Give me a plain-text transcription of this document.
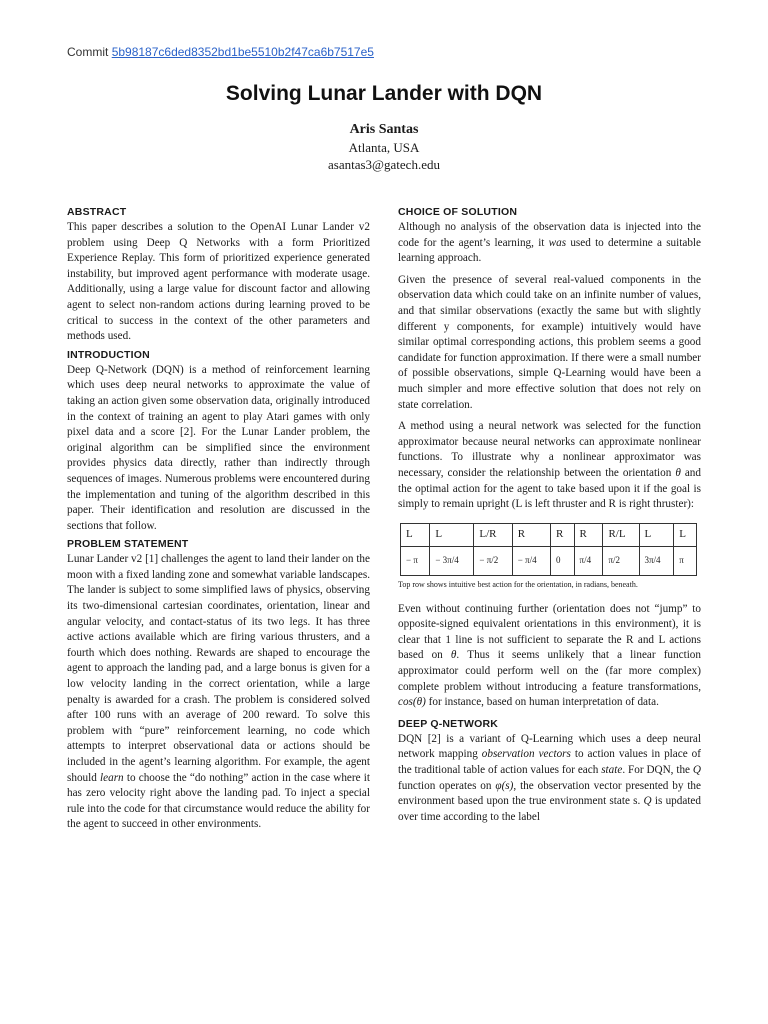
Commit 5b98187c6ded8352bd1be5510b2f47ca6b7517e5
Solving Lunar Lander with DQN
Aris Santas
Atlanta, USA
asantas3@gatech.edu
ABSTRACT

This paper describes a solution to the OpenAI Lunar Lander v2 problem using Deep Q Networks with a form Prioritized Experience Replay. This form of prioritized experience generated instability, but improved agent performance with moderate usage. Additionally, using a large value for discount factor and allowing agent to select non-random actions during learning proved to be critical to success in the context of the other parameters and methods used.

INTRODUCTION

Deep Q-Network (DQN) is a method of reinforcement learning which uses deep neural networks to approximate the value of taking an action given some observation data, originally introduced in the context of training an agent to play Atari games with only pixel data and a score [2]. For the Lunar Lander problem, the original algorithm can be simplified since the environment provides physics data directly, rather than indirectly through sequences of images. Numerous problems were encountered during the implementation and tuning of the algorithm described in this paper. Their identification and resolution are discussed in the sections that follow.

PROBLEM STATEMENT

Lunar Lander v2 [1] challenges the agent to land their lander on the moon with a fixed landing zone and somewhat variable landscapes. The lander is subject to some simplified laws of physics, observing its two-dimensional cartesian coordinates, orientation, linear and angular velocity, and contact-status of its two legs. It has three active actions available which are firing various thrusters, and a fourth which does nothing. Rewards are shaped to encourage the agent to approach the landing pad, and a large bonus is given for a low velocity landing in the correct orientation, while a large penalty is awarded for a crash. The problem is considered solved after 100 runs with an average of 200 reward. To solve this problem with “pure” reinforcement learning, no code which attempts to interpret observational data or actions should be included in the agent’s learning algorithm. For example, the agent should learn to choose the “do nothing” action in the case where it has zero velocity right above the landing pad. To inject a special rule into the code for that circumstance would reduce the ability for the agent to succeed in other environments.

CHOICE OF SOLUTION

Although no analysis of the observation data is injected into the code for the agent’s learning, it was used to determine a suitable learning approach.

Given the presence of several real-valued components in the observation data which could take on an infinite number of values, and that similar observations (exactly the same but with slightly different y components, for example) intuitively would have similar optimal corresponding actions, this problem seems a good candidate for function approximation. If there were a small number of possible observations, simple Q-Learning would have been a much simpler and more effective solution that does not rely on state correlation.

A method using a neural network was selected for the function approximator because neural networks can approximate nonlinear functions. To illustrate why a nonlinear approximator was necessary, consider the relationship between the orientation θ and the optimal action for the agent to take based upon it if the goal is simply to remain upright (L is left thruster and R is right thruster):

L	L	L/R	R	R	R	R/L	L	L
− π	− 3π/4	− π/2	− π/4	0	π/4	π/2	3π/4	π
Top row shows intuitive best action for the orientation, in radians, beneath.

Even without continuing further (orientation does not “jump” to opposite-signed equivalent orientations in this environment), it is clear that 1 line is not sufficient to separate the R and L actions based on θ. Thus it seems unlikely that a linear function approximator could perform well on the (far more complex) complete problem without introducing a feature transformations, cos(θ) for instance, based on human interpretation of data.

DEEP Q-NETWORK

DQN [2] is a variant of Q-Learning which uses a deep neural network mapping observation vectors to action values in place of the traditional table of action values for each state. For DQN, the Q function operates on φ(s), the observation vector presented by the environment based upon the true environment state s. Q is updated over time according to the label
